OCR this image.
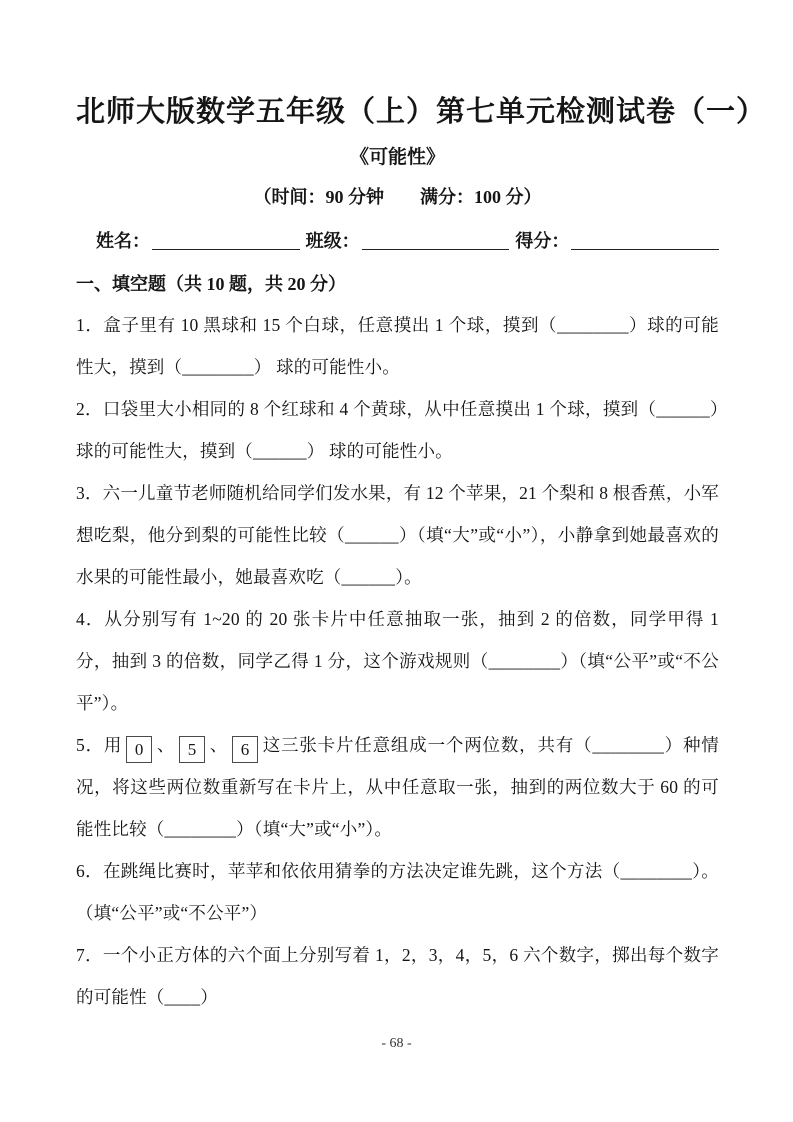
北师大版数学五年级（上）第七单元检测试卷（一）
《可能性》
（时间：90 分钟        满分：100 分）
姓名：	班级：	得分：
一、填空题（共 10 题，共 20 分）

1．盒子里有 10 黑球和 15 个白球，任意摸出 1 个球，摸到（________）球的可能性大，摸到（________） 球的可能性小。

2．口袋里大小相同的 8 个红球和 4 个黄球，从中任意摸出 1 个球，摸到（______）球的可能性大，摸到（______） 球的可能性小。

3．六一儿童节老师随机给同学们发水果，有 12 个苹果，21 个梨和 8 根香蕉，小军想吃梨，他分到梨的可能性比较（______）（填“大”或“小”），小静拿到她最喜欢的水果的可能性最小，她最喜欢吃（______）。

4．从分别写有 1~20 的 20 张卡片中任意抽取一张，抽到 2 的倍数，同学甲得 1 分，抽到 3 的倍数，同学乙得 1 分，这个游戏规则（________）（填“公平”或“不公平”）。

5．用 0 、 5 、 6 这三张卡片任意组成一个两位数，共有（________）种情况，将这些两位数重新写在卡片上，从中任意取一张，抽到的两位数大于 60 的可能性比较（________）（填“大”或“小”）。

6．在跳绳比赛时，苹苹和依依用猜拳的方法决定谁先跳，这个方法（________）。（填“公平”或“不公平”）

7．一个小正方体的六个面上分别写着 1，2，3，4，5，6 六个数字，掷出每个数字的可能性（____）

- 68 -
